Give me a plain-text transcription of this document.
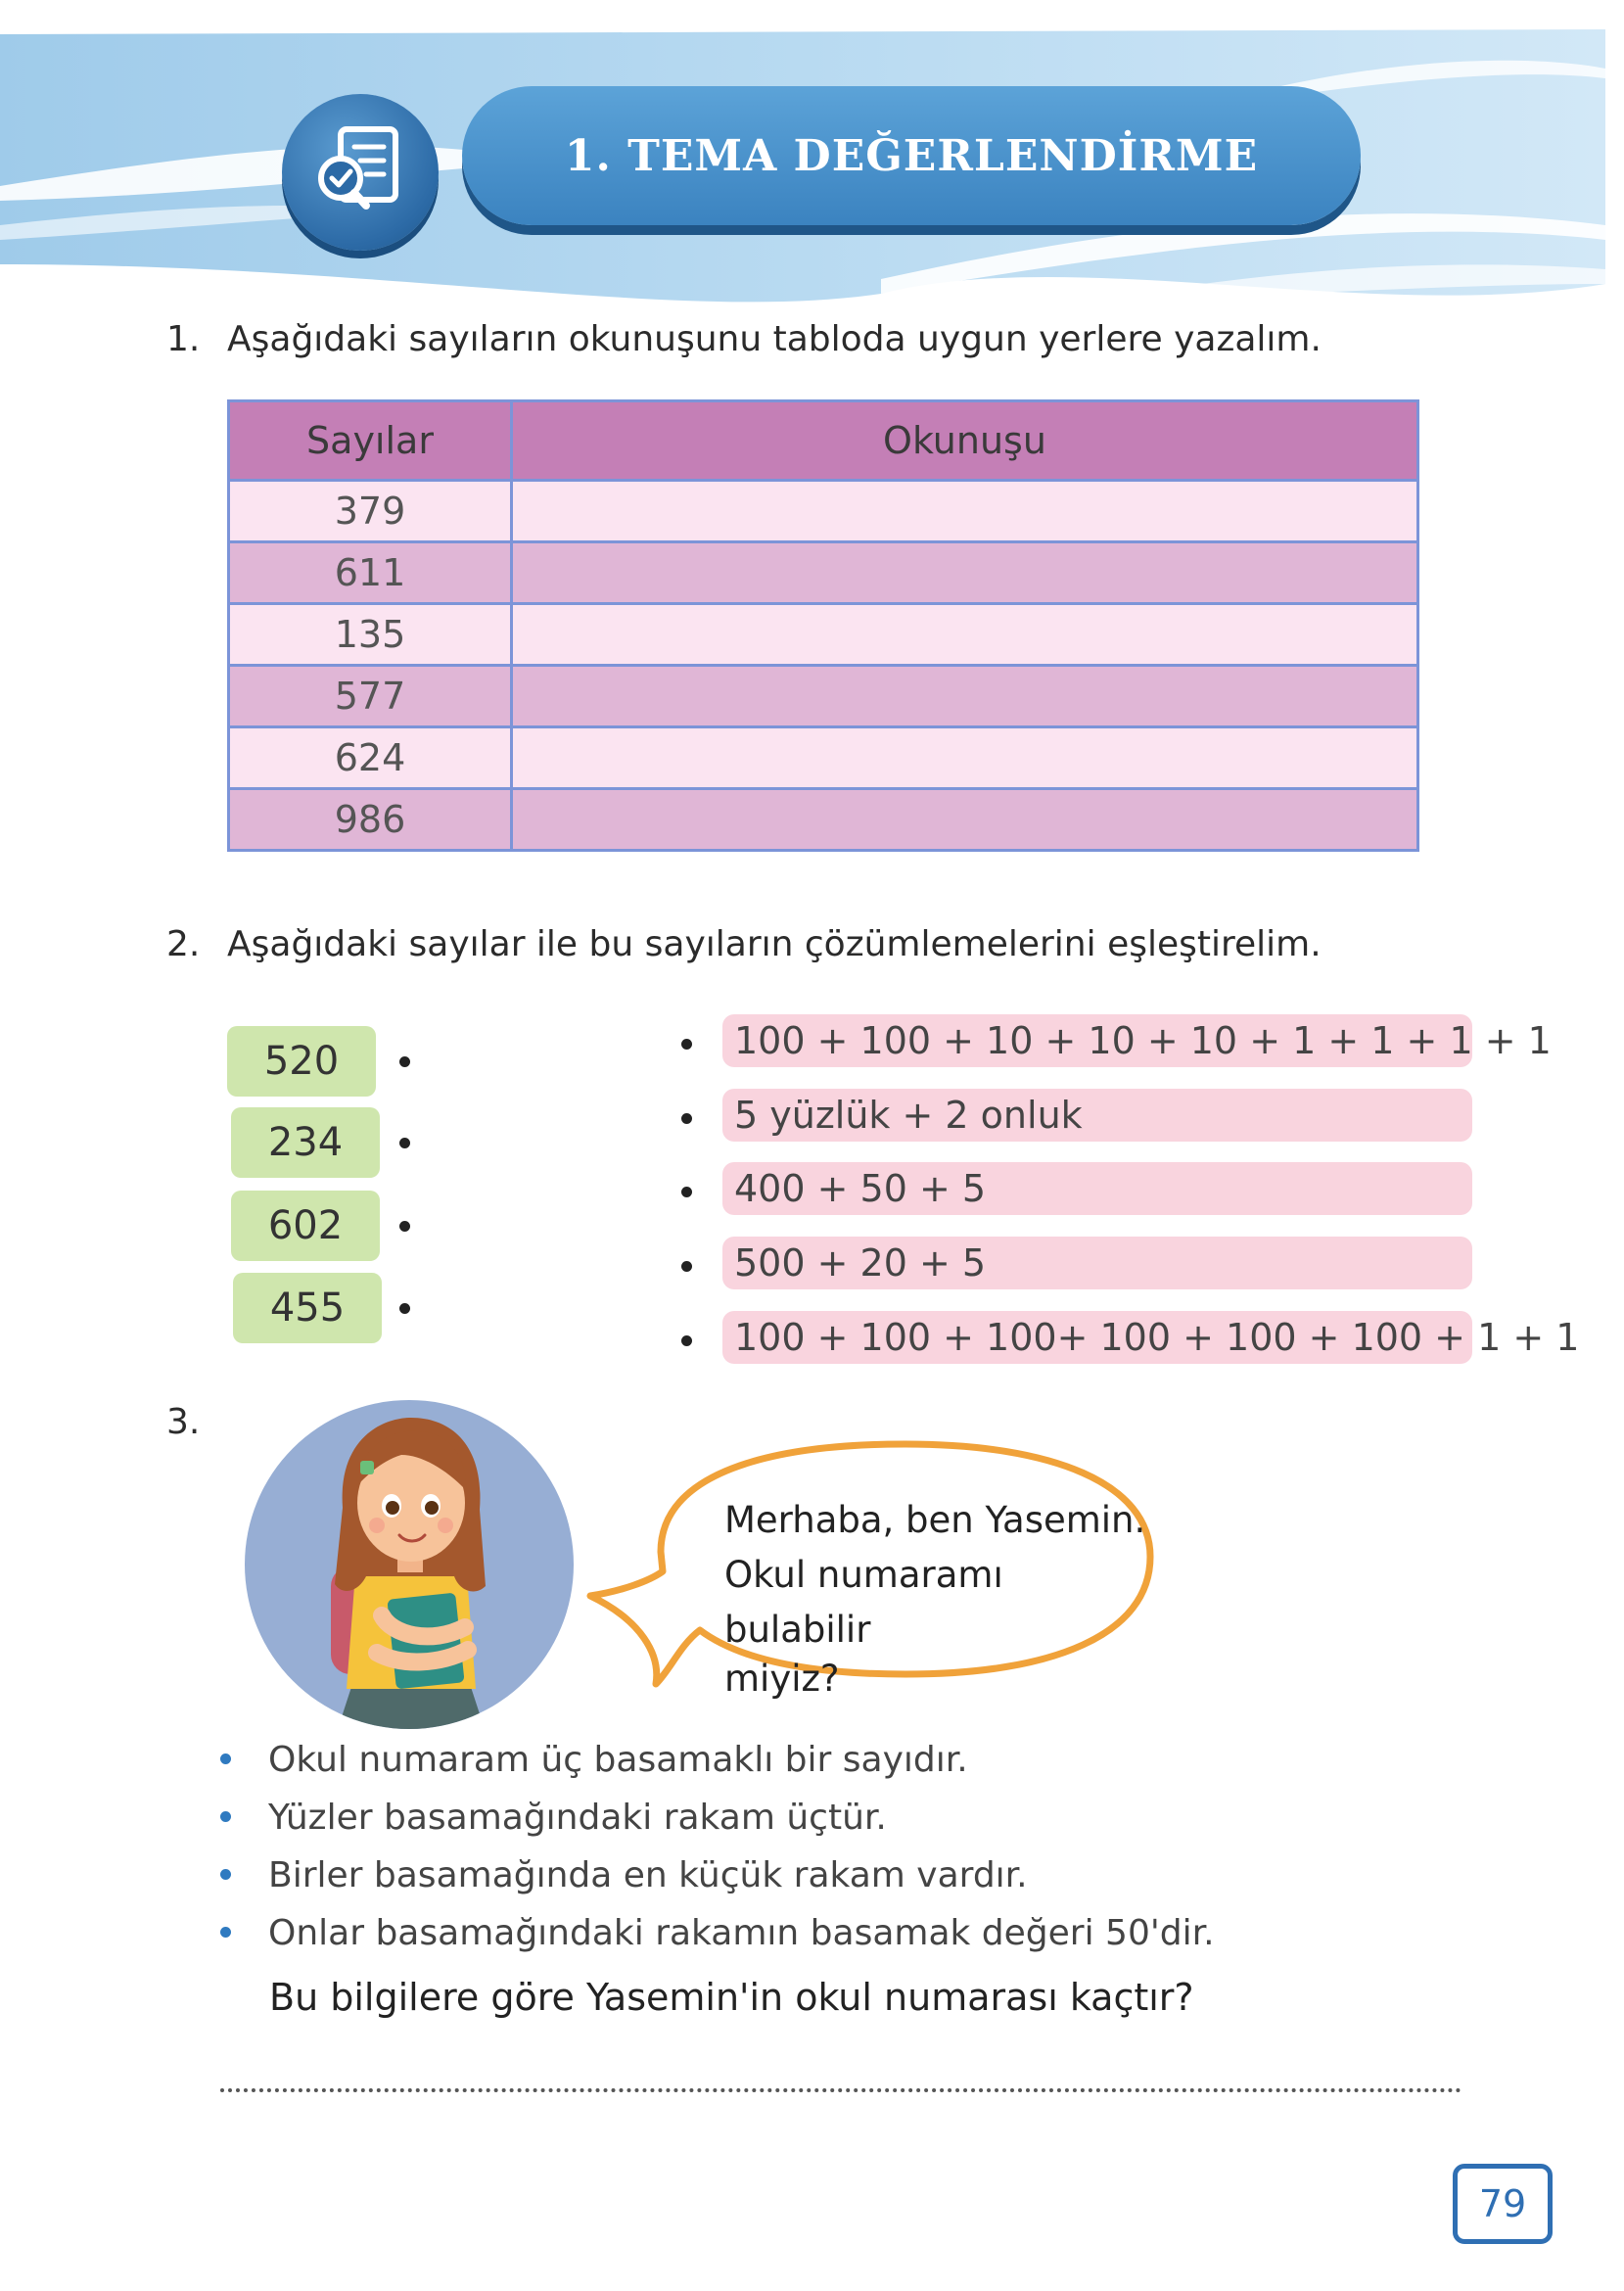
1. TEMA DEĞERLENDİRME
1. Aşağıdaki sayıların okunuşunu tabloda uygun yerlere yazalım.
Sayılar	Okunuşu
379	
611	
135	
577	
624	
986	
2. Aşağıdaki sayılar ile bu sayıların çözümlemelerini eşleştirelim.
520
234
602
455
100 + 100 + 10 + 10 + 10 + 1 + 1 + 1 + 1
5 yüzlük + 2 onluk
400 + 50 + 5
500 + 20 + 5
100 + 100 + 100+ 100 + 100 + 100 + 1 + 1
3.
Merhaba, ben Yasemin.
Okul numaramı bulabilir
miyiz?
Okul numaram üç basamaklı bir sayıdır.
Yüzler basamağındaki rakam üçtür.
Birler basamağında en küçük rakam vardır.
Onlar basamağındaki rakamın basamak değeri 50'dir.
Bu bilgilere göre Yasemin'in okul numarası kaçtır?
79
